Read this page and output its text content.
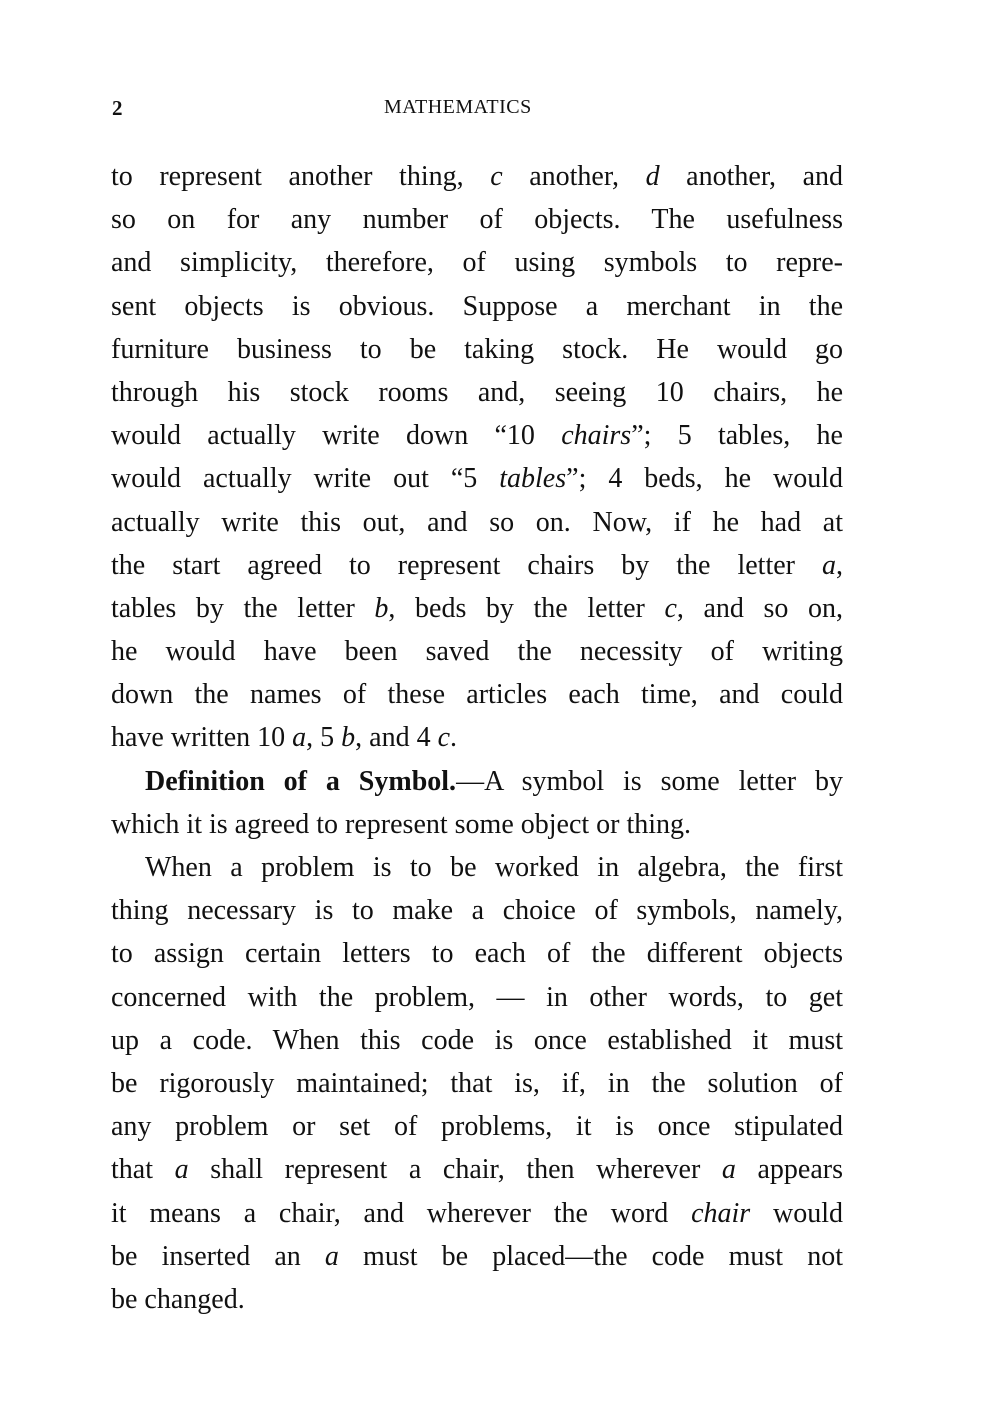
2	MATHEMATICS
to represent another thing, c another, d another, and
so on for any number of objects. The usefulness
and simplicity, therefore, of using symbols to repre-
sent objects is obvious. Suppose a merchant in the
furniture business to be taking stock. He would go
through his stock rooms and, seeing 10 chairs, he
would actually write down “10 chairs”; 5 tables, he
would actually write out “5 tables”; 4 beds, he would
actually write this out, and so on. Now, if he had at
the start agreed to represent chairs by the letter a,
tables by the letter b, beds by the letter c, and so on,
he would have been saved the necessity of writing
down the names of these articles each time, and could
have written 10 a, 5 b, and 4 c.
Definition of a Symbol.—A symbol is some letter by
which it is agreed to represent some object or thing.
When a problem is to be worked in algebra, the first
thing necessary is to make a choice of symbols, namely,
to assign certain letters to each of the different objects
concerned with the problem, — in other words, to get
up a code. When this code is once established it must
be rigorously maintained; that is, if, in the solution of
any problem or set of problems, it is once stipulated
that a shall represent a chair, then wherever a appears
it means a chair, and wherever the word chair would
be inserted an a must be placed—the code must not
be changed.
